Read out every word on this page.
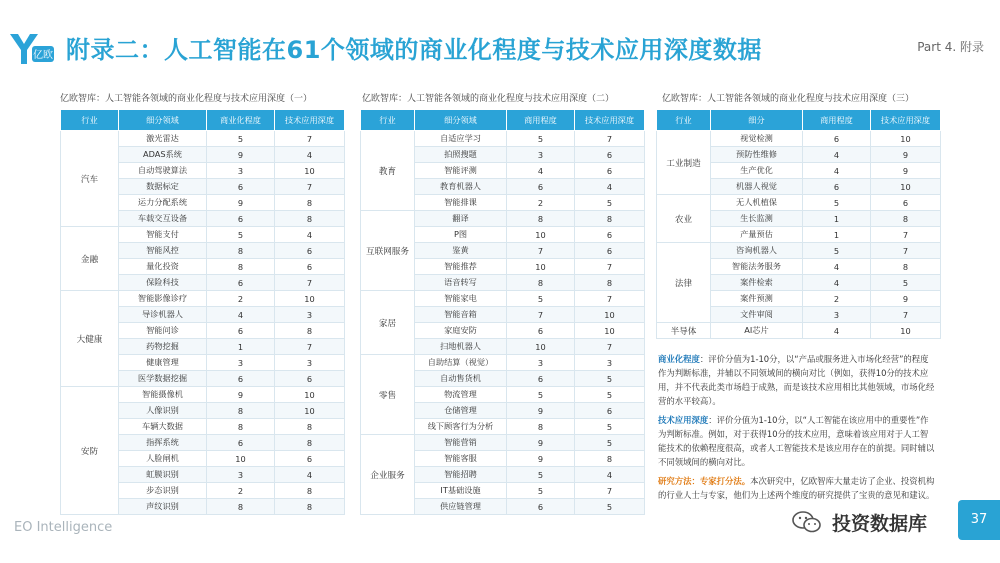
亿欧 附录二：人工智能在61个领域的商业化程度与技术应用深度数据	Part 4. 附录
亿欧智库：人工智能各领域的商业化程度与技术应用深度（一）
行业	细分领域	商业化程度	技术应用深度
汽车	激光雷达	5	7
	ADAS系统	9	4
	自动驾驶算法	3	10
	数据标定	6	7
	运力分配系统	9	8
	车载交互设备	6	8
金融	智能支付	5	4
	智能风控	8	6
	量化投资	8	6
	保险科技	6	7
大健康	智能影像诊疗	2	10
	导诊机器人	4	3
	智能问诊	6	8
	药物挖掘	1	7
	健康管理	3	3
	医学数据挖掘	6	6
安防	智能摄像机	9	10
	人像识别	8	10
	车辆大数据	8	8
	指挥系统	6	8
	人脸闸机	10	6
	虹膜识别	3	4
	步态识别	2	8
	声纹识别	8	8
亿欧智库：人工智能各领域的商业化程度与技术应用深度（二）
行业	细分领域	商用程度	技术应用深度
教育	自适应学习	5	7
	拍照搜题	3	6
	智能评测	4	6
	教育机器人	6	4
	智能排课	2	5
互联网服务	翻译	8	8
	P图	10	6
	鉴黄	7	6
	智能推荐	10	7
	语音转写	8	8
家居	智能家电	5	7
	智能音箱	7	10
	家庭安防	6	10
	扫地机器人	10	7
零售	自助结算（视觉）	3	3
	自动售货机	6	5
	物流管理	5	5
	仓储管理	9	6
	线下顾客行为分析	8	5
企业服务	智能营销	9	5
	智能客服	9	8
	智能招聘	5	4
	IT基础设施	5	7
	供应链管理	6	5
亿欧智库：人工智能各领域的商业化程度与技术应用深度（三）
行业	细分	商用程度	技术应用深度
工业制造	视觉检测	6	10
	预防性维修	4	9
	生产优化	4	9
	机器人视觉	6	10
农业	无人机植保	5	6
	生长监测	1	8
	产量预估	1	7
法律	咨询机器人	5	7
	智能法务服务	4	8
	案件检索	4	5
	案件预测	2	9
	文件审阅	3	7
半导体	AI芯片	4	10

商业化程度：评价分值为1-10分，以“产品或服务进入市场化经营”的程度作为判断标准，并辅以不同领域间的横向对比（例如，获得10分的技术应用，并不代表此类市场趋于成熟，而是该技术应用相比其他领域，市场化经营的水平较高）。

技术应用深度：评价分值为1-10分，以“人工智能在该应用中的重要性”作为判断标准。例如，对于获得10分的技术应用，意味着该应用对于人工智能技术的依赖程度很高，或者人工智能技术是该应用存在的前提。同时辅以不同领域间的横向对比。

研究方法：专家打分法。本次研究中，亿欧智库大量走访了企业、投资机构的行业人士与专家，他们为上述两个维度的研究提供了宝贵的意见和建议。

EO Intelligence	投资数据库	37
